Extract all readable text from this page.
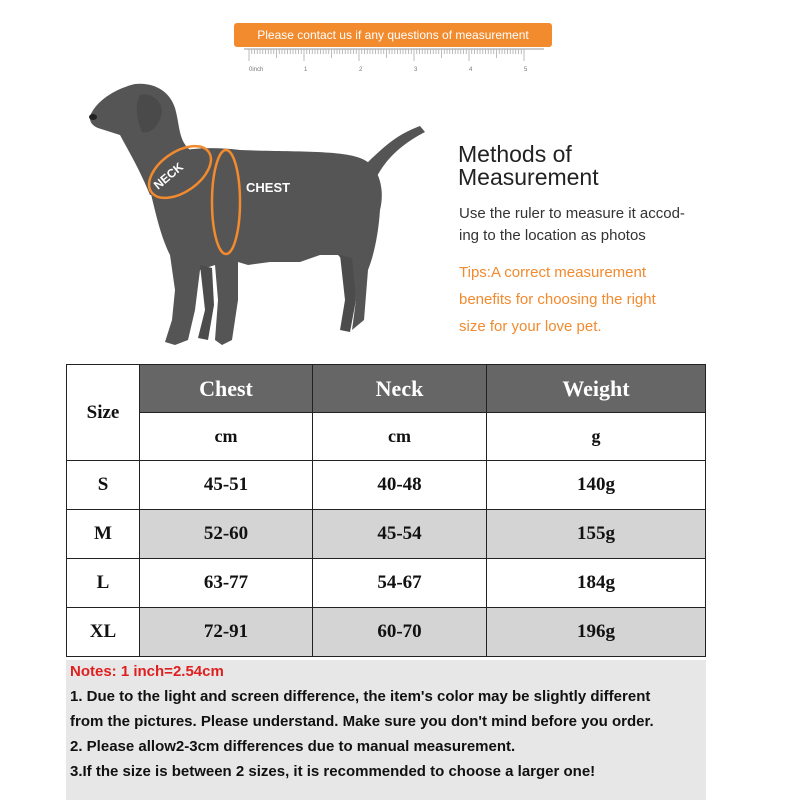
Please contact us if any questions of measurement
0inch	1	2	3	4	5
NECK	CHEST
Methods of
Measurement
Use the ruler to measure it accod-
ing to the location as photos
Tips:A correct measurement
benefits for choosing the right
size for your love pet.
Size	Chest	Neck	Weight
	cm	cm	g
S	45-51	40-48	140g
M	52-60	45-54	155g
L	63-77	54-67	184g
XL	72-91	60-70	196g
Notes: 1 inch=2.54cm
1. Due to the light and screen difference, the item's color may be slightly different
from the pictures. Please understand. Make sure you don't mind before you order.
2. Please allow2-3cm differences due to manual measurement.
3.If the size is between 2 sizes, it is recommended to choose a larger one!
